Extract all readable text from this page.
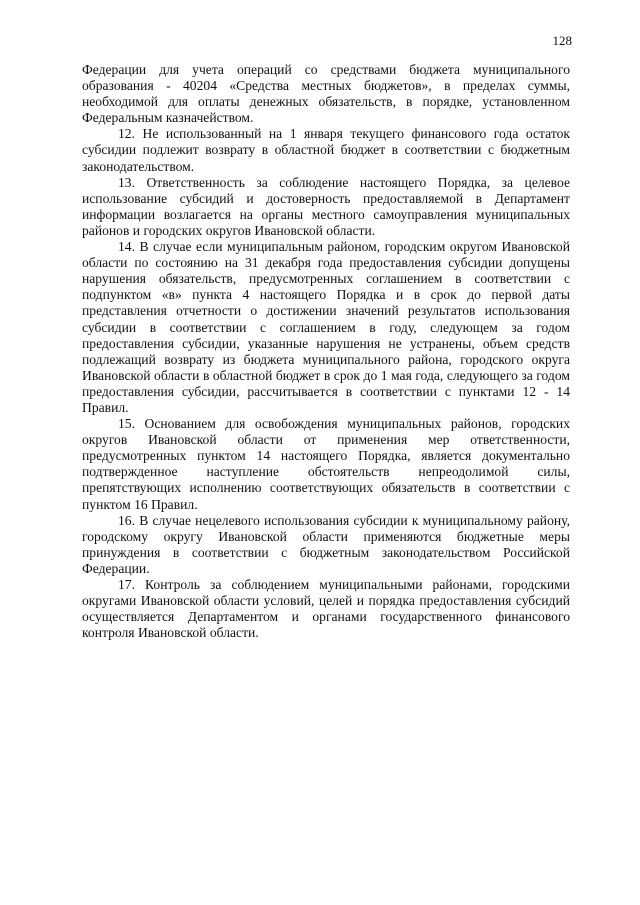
128

Федерации для учета операций со средствами бюджета муниципального образования - 40204 «Средства местных бюджетов», в пределах суммы, необходимой для оплаты денежных обязательств, в порядке, установленном Федеральным казначейством.

12. Не использованный на 1 января текущего финансового года остаток субсидии подлежит возврату в областной бюджет в соответствии с бюджетным законодательством.

13. Ответственность за соблюдение настоящего Порядка, за целевое использование субсидий и достоверность предоставляемой в Департамент информации возлагается на органы местного самоуправления муниципальных районов и городских округов Ивановской области.

14. В случае если муниципальным районом, городским округом Ивановской области по состоянию на 31 декабря года предоставления субсидии допущены нарушения обязательств, предусмотренных соглашением в соответствии с подпунктом «в» пункта 4 настоящего Порядка и в срок до первой даты представления отчетности о достижении значений результатов использования субсидии в соответствии с соглашением в году, следующем за годом предоставления субсидии, указанные нарушения не устранены, объем средств подлежащий возврату из бюджета муниципального района, городского округа Ивановской области в областной бюджет в срок до 1 мая года, следующего за годом предоставления субсидии, рассчитывается в соответствии с пунктами 12 - 14 Правил.

15. Основанием для освобождения муниципальных районов, городских округов Ивановской области от применения мер ответственности, предусмотренных пунктом 14 настоящего Порядка, является документально подтвержденное наступление обстоятельств непреодолимой силы, препятствующих исполнению соответствующих обязательств в соответствии с пунктом 16 Правил.

16. В случае нецелевого использования субсидии к муниципальному району, городскому округу Ивановской области применяются бюджетные меры принуждения в соответствии с бюджетным законодательством Российской Федерации.

17. Контроль за соблюдением муниципальными районами, городскими округами Ивановской области условий, целей и порядка предоставления субсидий осуществляется Департаментом и органами государственного финансового контроля Ивановской области.
